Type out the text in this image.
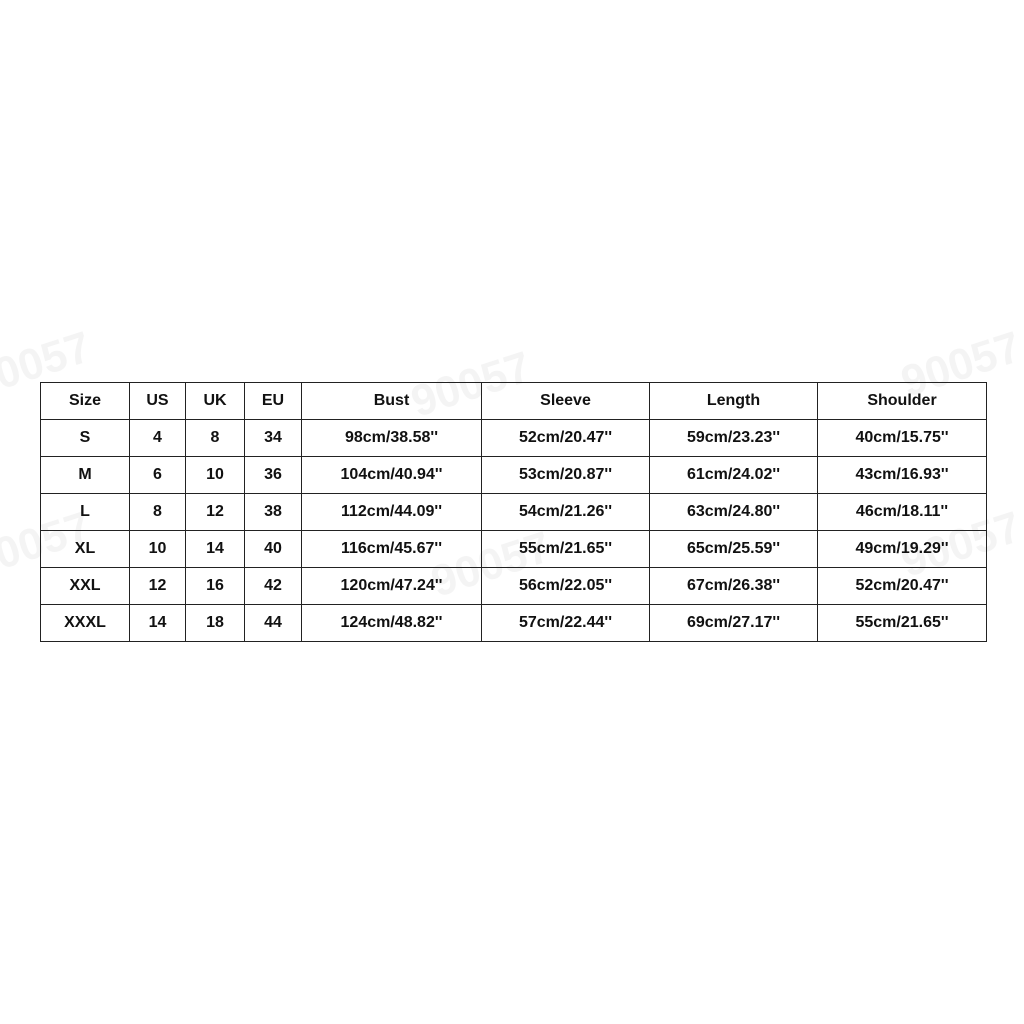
Size	US	UK	EU	Bust	Sleeve	Length	Shoulder
S	4	8	34	98cm/38.58''	52cm/20.47''	59cm/23.23''	40cm/15.75''
M	6	10	36	104cm/40.94''	53cm/20.87''	61cm/24.02''	43cm/16.93''
L	8	12	38	112cm/44.09''	54cm/21.26''	63cm/24.80''	46cm/18.11''
XL	10	14	40	116cm/45.67''	55cm/21.65''	65cm/25.59''	49cm/19.29''
XXL	12	16	42	120cm/47.24''	56cm/22.05''	67cm/26.38''	52cm/20.47''
XXXL	14	18	44	124cm/48.82''	57cm/22.44''	69cm/27.17''	55cm/21.65''
